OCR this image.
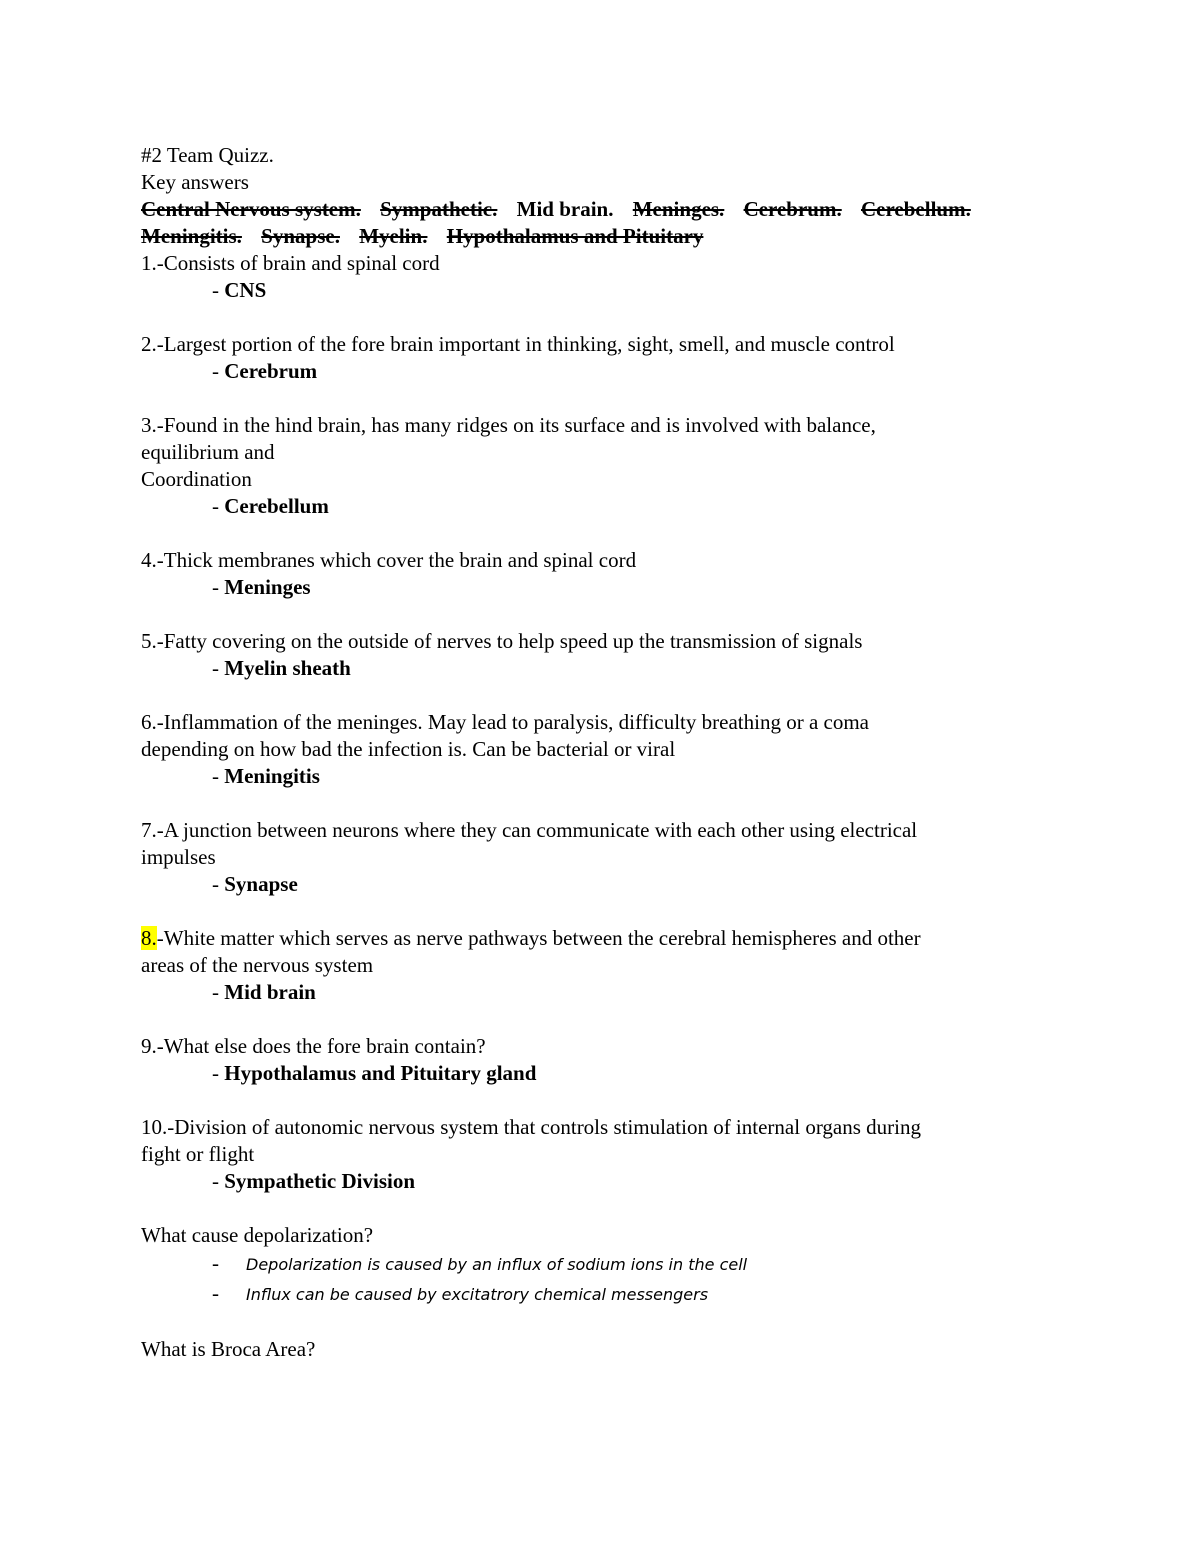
#2 Team Quizz.
Key answers
Central Nervous system. Sympathetic. Mid brain. Meninges. Cerebrum. Cerebellum. Meningitis. Synapse. Myelin. Hypothalamus and Pituitary
1.-Consists of brain and spinal cord
- CNS
2.-Largest portion of the fore brain important in thinking, sight, smell, and muscle control
- Cerebrum
3.-Found in the hind brain, has many ridges on its surface and is involved with balance,
equilibrium and
Coordination
- Cerebellum
4.-Thick membranes which cover the brain and spinal cord
- Meninges
5.-Fatty covering on the outside of nerves to help speed up the transmission of signals
- Myelin sheath
6.-Inflammation of the meninges. May lead to paralysis, difficulty breathing or a coma
depending on how bad the infection is. Can be bacterial or viral
- Meningitis
7.-A junction between neurons where they can communicate with each other using electrical
impulses
- Synapse
8.-White matter which serves as nerve pathways between the cerebral hemispheres and other
areas of the nervous system
- Mid brain
9.-What else does the fore brain contain?
- Hypothalamus and Pituitary gland
10.-Division of autonomic nervous system that controls stimulation of internal organs during
fight or flight
- Sympathetic Division
What cause depolarization?
- Depolarization is caused by an influx of sodium ions in the cell
- Influx can be caused by excitatrory chemical messengers
What is Broca Area?
